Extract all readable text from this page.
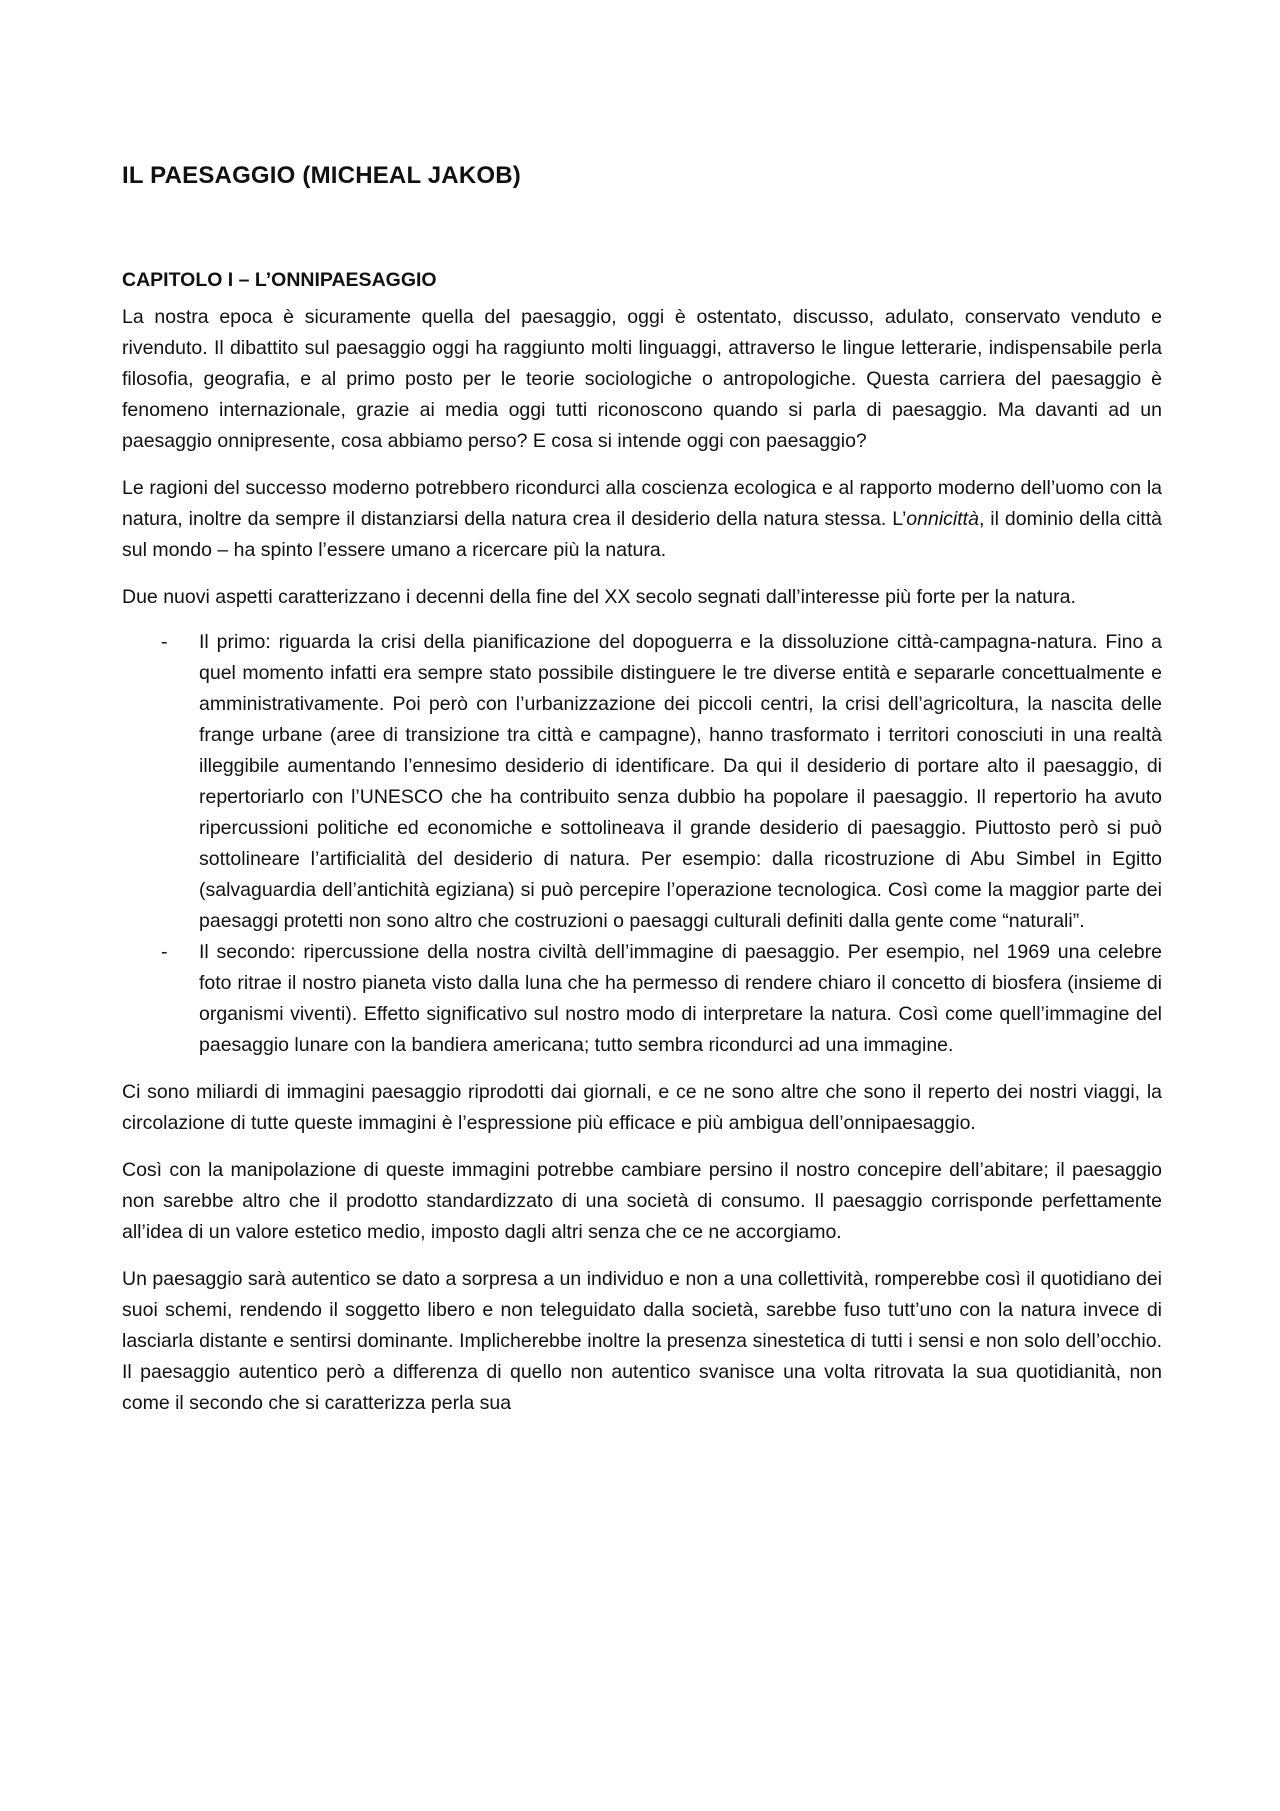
IL PAESAGGIO (MICHEAL JAKOB)
CAPITOLO I – L’ONNIPAESAGGIO

La nostra epoca è sicuramente quella del paesaggio, oggi è ostentato, discusso, adulato, conservato venduto e rivenduto. Il dibattito sul paesaggio oggi ha raggiunto molti linguaggi, attraverso le lingue letterarie, indispensabile perla filosofia, geografia, e al primo posto per le teorie sociologiche o antropologiche. Questa carriera del paesaggio è fenomeno internazionale, grazie ai media oggi tutti riconoscono quando si parla di paesaggio. Ma davanti ad un paesaggio onnipresente, cosa abbiamo perso? E cosa si intende oggi con paesaggio?

Le ragioni del successo moderno potrebbero ricondurci alla coscienza ecologica e al rapporto moderno dell’uomo con la natura, inoltre da sempre il distanziarsi della natura crea il desiderio della natura stessa. L’onnicittà, il dominio della città sul mondo – ha spinto l’essere umano a ricercare più la natura.

Due nuovi aspetti caratterizzano i decenni della fine del XX secolo segnati dall’interesse più forte per la natura.

- Il primo: riguarda la crisi della pianificazione del dopoguerra e la dissoluzione città-campagna-natura. Fino a quel momento infatti era sempre stato possibile distinguere le tre diverse entità e separarle concettualmente e amministrativamente. Poi però con l’urbanizzazione dei piccoli centri, la crisi dell’agricoltura, la nascita delle frange urbane (aree di transizione tra città e campagne), hanno trasformato i territori conosciuti in una realtà illeggibile aumentando l’ennesimo desiderio di identificare. Da qui il desiderio di portare alto il paesaggio, di repertoriarlo con l’UNESCO che ha contribuito senza dubbio ha popolare il paesaggio. Il repertorio ha avuto ripercussioni politiche ed economiche e sottolineava il grande desiderio di paesaggio. Piuttosto però si può sottolineare l’artificialità del desiderio di natura. Per esempio: dalla ricostruzione di Abu Simbel in Egitto (salvaguardia dell’antichità egiziana) si può percepire l’operazione tecnologica. Così come la maggior parte dei paesaggi protetti non sono altro che costruzioni o paesaggi culturali definiti dalla gente come “naturali”.
- Il secondo: ripercussione della nostra civiltà dell’immagine di paesaggio. Per esempio, nel 1969 una celebre foto ritrae il nostro pianeta visto dalla luna che ha permesso di rendere chiaro il concetto di biosfera (insieme di organismi viventi). Effetto significativo sul nostro modo di interpretare la natura. Così come quell’immagine del paesaggio lunare con la bandiera americana; tutto sembra ricondurci ad una immagine.

Ci sono miliardi di immagini paesaggio riprodotti dai giornali, e ce ne sono altre che sono il reperto dei nostri viaggi, la circolazione di tutte queste immagini è l’espressione più efficace e più ambigua dell’onnipaesaggio.

Così con la manipolazione di queste immagini potrebbe cambiare persino il nostro concepire dell’abitare; il paesaggio non sarebbe altro che il prodotto standardizzato di una società di consumo. Il paesaggio corrisponde perfettamente all’idea di un valore estetico medio, imposto dagli altri senza che ce ne accorgiamo.

Un paesaggio sarà autentico se dato a sorpresa a un individuo e non a una collettività, romperebbe così il quotidiano dei suoi schemi, rendendo il soggetto libero e non teleguidato dalla società, sarebbe fuso tutt’uno con la natura invece di lasciarla distante e sentirsi dominante. Implicherebbe inoltre la presenza sinestetica di tutti i sensi e non solo dell’occhio. Il paesaggio autentico però a differenza di quello non autentico svanisce una volta ritrovata la sua quotidianità, non come il secondo che si caratterizza perla sua
